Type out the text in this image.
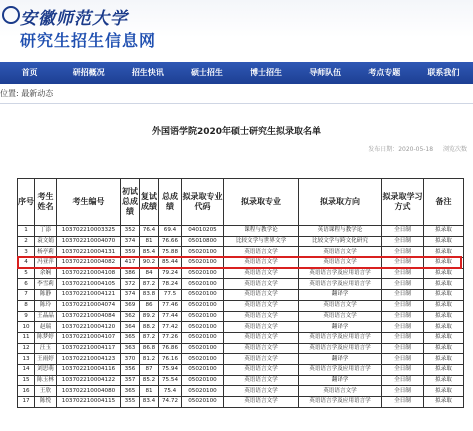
安徽师范大学
研究生招生信息网
首页	研招概况	招生快讯	硕士招生	博士招生	导师队伍	考点专题	联系我们
位置: 最新动态
外国语学院2020年硕士研究生拟录取名单
发布日期：2020-05-18 浏览次数
序号	考生姓名	考生编号	初试总成绩	复试成绩	总成绩	拟录取专业代码	拟录取专业	拟录取方向	拟录取学习方式	备注
1	丁添	103702210003325	352	76.4	69.4	04010205	课程与教学论	英语课程与教学论	全日制	拟录取
2	袁文娟	103702210004070	374	81	76.66	05010800	比较文学与世界文学	比较文学与跨文化研究	全日制	拟录取
3	杨亭莉	103702210004131	359	85.4	75.88	05020100	英语语言文学	英语语言文学	全日制	拟录取
4	冯亚萍	103702210004082	417	90.2	85.44	05020100	英语语言文学	英语语言文学	全日制	拟录取
5	余娴	103702210004108	386	84	79.24	05020100	英语语言文学	英语语言学及应用语言学	全日制	拟录取
6	李雪莉	103702210004105	372	87.2	78.24	05020100	英语语言文学	英语语言学及应用语言学	全日制	拟录取
7	陈静	103702210004121	374	83.8	77.5	05020100	英语语言文学	翻译学	全日制	拟录取
8	陈玲	103702210004074	369	86	77.46	05020100	英语语言文学	英语语言文学	全日制	拟录取
9	王晶晶	103702210004084	362	89.2	77.44	05020100	英语语言文学	英语语言文学	全日制	拟录取
10	赵瑞	103702210004120	364	88.2	77.42	05020100	英语语言文学	翻译学	全日制	拟录取
11	陈梦婷	103702210004107	365	87.2	77.26	05020100	英语语言文学	英语语言学及应用语言学	全日制	拟录取
12	汪玉	103702210004117	363	86.8	76.86	05020100	英语语言文学	英语语言学及应用语言学	全日制	拟录取
13	王雨婷	103702210004123	370	81.2	76.16	05020100	英语语言文学	翻译学	全日制	拟录取
14	刘思萌	103702210004116	356	87	75.94	05020100	英语语言文学	英语语言学及应用语言学	全日制	拟录取
15	陈玉林	103702210004122	357	85.2	75.54	05020100	英语语言文学	翻译学	全日制	拟录取
16	王欣	103702210004080	365	81	75.4	05020100	英语语言文学	英语语言文学	全日制	拟录取
17	陈悦	103702210004115	355	83.4	74.72	05020100	英语语言文学	英语语言学及应用语言学	全日制	拟录取
